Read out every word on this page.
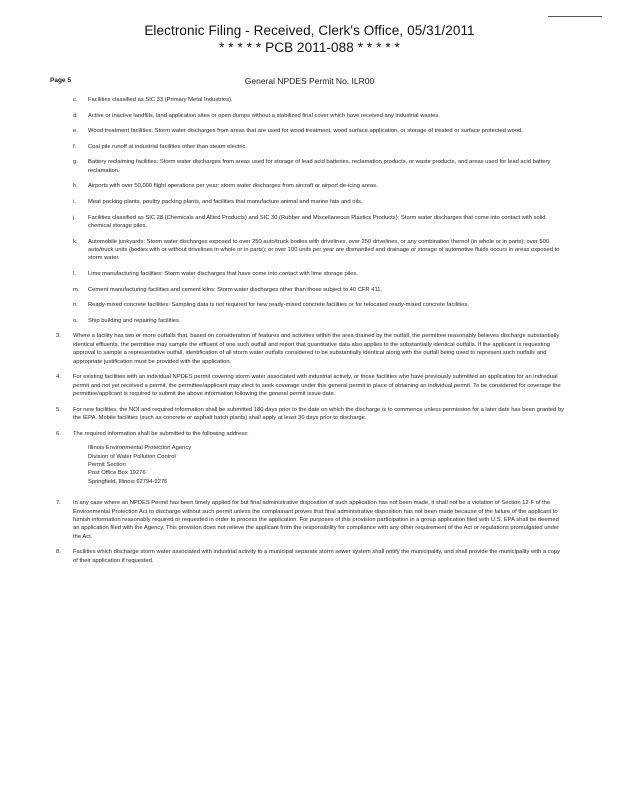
Electronic Filing - Received, Clerk's Office, 05/31/2011
* * * * * PCB 2011-088 * * * * *
Page 5	General NPDES Permit No. ILR00
c. Facilities classified as SIC 33 (Primary Metal Industries).
d. Active or inactive landfills, land application sites or open dumps without a stabilized final cover which have received any industrial wastes.
e. Wood treatment facilities: Storm water discharges from areas that are used for wood treatment, wood surface application, or storage of treated or surface protected wood.
f. Coal pile runoff at industrial facilities other than steam electric.
g. Battery reclaiming facilities: Storm water discharges from areas used for storage of lead acid batteries, reclamation products, or waste products, and areas used for lead acid battery reclamation.
h. Airports with over 50,000 flight operations per year: storm water discharges from aircraft or airport de-icing areas.
i. Meat packing plants, poultry packing plants, and facilities that manufacture animal and marine fats and oils.
j. Facilities classified as SIC 28 (Chemicals and Allied Products) and SIC 30 (Rubber and Miscellaneous Plastics Products): Storm water discharges that come into contact with solid chemical storage piles.
k. Automobile junkyards: Storm water discharges exposed to over 250 auto/truck bodies with drivelines, over 250 drivelines, or any combination thereof (in whole or in parts); over 500 auto/truck units (bodies with or without drivelines in whole or in parts); or over 100 units per year are dismantled and drainage or storage of automotive fluids occurs in areas exposed to storm water.
l. Lime manufacturing facilities: Storm water discharges that have come into contact with lime storage piles.
m. Cement manufacturing facilities and cement kilns: Storm water discharges other than those subject to 40 CFR 411.
n. Ready-mixed concrete facilities: Sampling data is not required for new ready-mixed concrete facilities or for relocated ready-mixed concrete facilities.
o. Ship building and repairing facilities.
3. Where a facility has two or more outfalls that, based on consideration of features and activities within the area drained by the outfall, the permittee reasonably believes discharge substantially identical effluents, the permittee may sample the effluent of one such outfall and report that quantitative data also applies to the substantially identical outfalls. If the applicant is requesting approval to sample a representative outfall, identification of all storm water outfalls considered to be substantially identical along with the outfall being used to represent such outfalls and appropriate justification must be provided with the application.
4. For existing facilities with an individual NPDES permit covering storm water associated with industrial activity, or those facilities who have previously submitted an application for an individual permit and not yet received a permit, the permittee/applicant may elect to seek coverage under this general permit in place of obtaining an individual permit. To be considered for coverage the permittee/applicant is required to submit the above information following the general permit issue date.
5. For new facilities, the NOI and required information shall be submitted 180 days prior to the date on which the discharge is to commence unless permission for a later date has been granted by the IEPA. Mobile facilities (such as concrete or asphalt batch plants) shall apply at least 30 days prior to discharge.
6. The required information shall be submitted to the following address:
Illinois Environmental Protection Agency
Division of Water Pollution Control
Permit Section
Post Office Box 19276
Springfield, Illinois 62794-9276
7. In any case where an NPDES Permit has been timely applied for but final administrative disposition of such application has not been made, it shall not be a violation of Section 12-F of the Environmental Protection Act to discharge without such permit unless the complainant proves that final administrative disposition has not been made because of the failure of the applicant to furnish information reasonably required or requested in order to process the application. For purposes of this provision participation in a group application filed with U.S. EPA shall be deemed an application filed with the Agency. This provision does not relieve the applicant from the responsibility for compliance with any other requirement of the Act or regulations promulgated under the Act.
8. Facilities which discharge storm water associated with industrial activity to a municipal separate storm sewer system shall notify the municipality, and shall provide the municipality with a copy of their application if requested.
